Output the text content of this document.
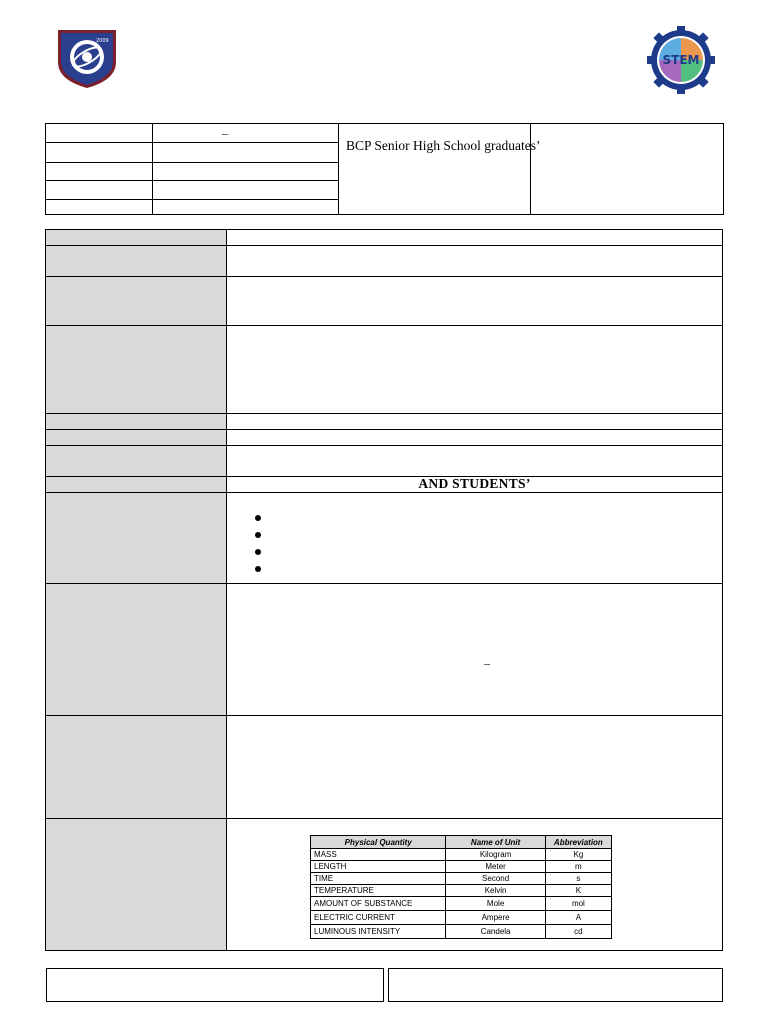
2009
STEM
–
BCP Senior High School graduates’
AND STUDENTS’
–
Physical Quantity	Name of Unit	Abbreviation
MASS	Kilogram	Kg
LENGTH	Meter	m
TIME	Second	s
TEMPERATURE	Kelvin	K
AMOUNT OF SUBSTANCE	Mole	mol
ELECTRIC CURRENT	Ampere	A
LUMINOUS INTENSITY	Candela	cd
